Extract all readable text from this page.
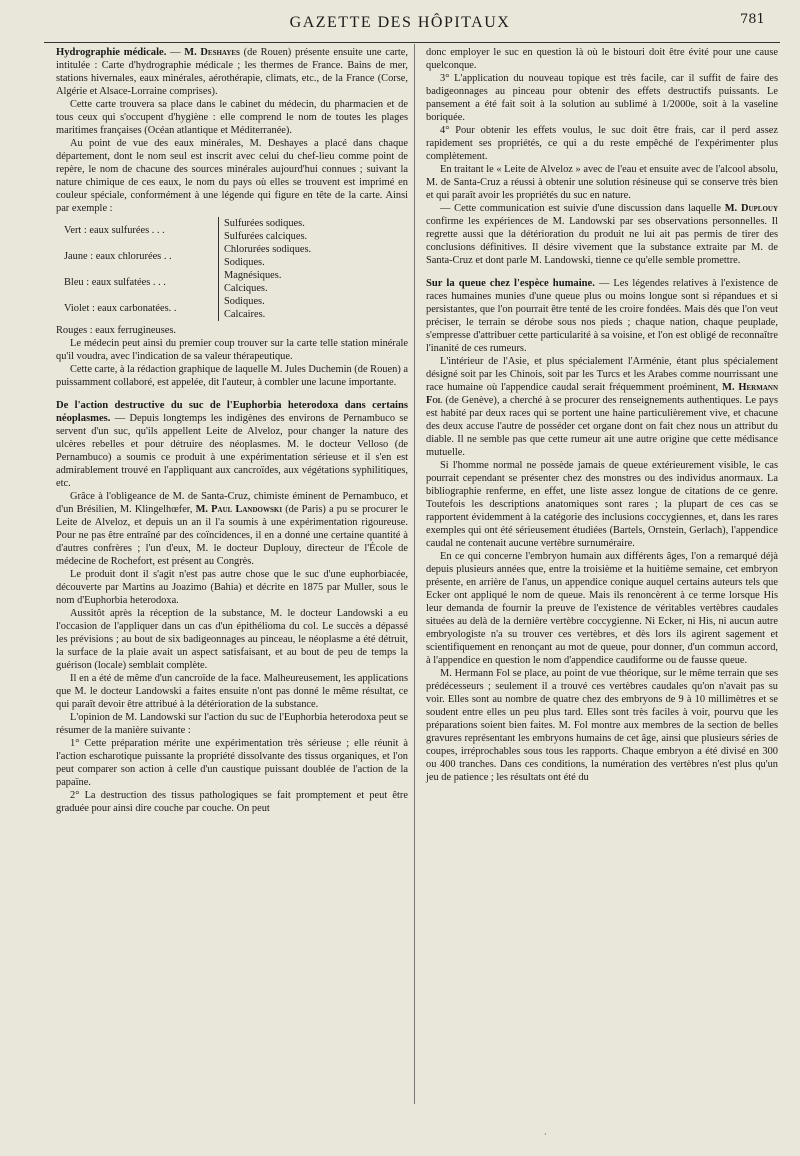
GAZETTE DES HÔPITAUX	781

Hydrographie médicale. — M. Deshayes (de Rouen) présente ensuite une carte, intitulée : Carte d'hydrographie médicale ; les thermes de France. Bains de mer, stations hivernales, eaux minérales, aérothérapie, climats, etc., de la France (Corse, Algérie et Alsace-Lorraine comprises).

Cette carte trouvera sa place dans le cabinet du médecin, du pharmacien et de tous ceux qui s'occupent d'hygiène : elle comprend le nom de toutes les plages maritimes françaises (Océan atlantique et Méditerranée).

Au point de vue des eaux minérales, M. Deshayes a placé dans chaque département, dont le nom seul est inscrit avec celui du chef-lieu comme point de repère, le nom de chacune des sources minérales aujourd'hui connues ; suivant la nature chimique de ces eaux, le nom du pays où elles se trouvent est imprimé en couleur spéciale, conformément à une légende qui figure en tête de la carte. Ainsi par exemple :

Vert : eaux sulfurées . . .
Sulfurées sodiques.
Sulfurées calciques.
Jaune : eaux chlorurées . .
Chlorurées sodiques.
Sodiques.
Bleu : eaux sulfatées . . .
Magnésiques.
Calciques.
Violet : eaux carbonatées. .
Sodiques.
Calcaires.

Rouges : eaux ferrugineuses.

Le médecin peut ainsi du premier coup trouver sur la carte telle station minérale qu'il voudra, avec l'indication de sa valeur thérapeutique.

Cette carte, à la rédaction graphique de laquelle M. Jules Duchemin (de Rouen) a puissamment collaboré, est appelée, dit l'auteur, à combler une lacune importante.

De l'action destructive du suc de l'Euphorbia heterodoxa dans certains néoplasmes. — Depuis longtemps les indigènes des environs de Pernambuco se servent d'un suc, qu'ils appellent Leite de Alveloz, pour changer la nature des ulcères rebelles et pour détruire des néoplasmes. M. le docteur Velloso (de Pernambuco) a soumis ce produit à une expérimentation sérieuse et il s'en est admirablement trouvé en l'appliquant aux cancroïdes, aux végétations syphilitiques, etc.

Grâce à l'obligeance de M. de Santa-Cruz, chimiste éminent de Pernambuco, et d'un Brésilien, M. Klingelhœfer, M. Paul Landowski (de Paris) a pu se procurer le Leite de Alveloz, et depuis un an il l'a soumis à une expérimentation rigoureuse. Pour ne pas être entraîné par des coïncidences, il en a donné une certaine quantité à d'autres confrères ; l'un d'eux, M. le docteur Duplouy, directeur de l'École de médecine de Rochefort, est présent au Congrès.

Le produit dont il s'agit n'est pas autre chose que le suc d'une euphorbiacée, découverte par Martins au Joazimo (Bahia) et décrite en 1875 par Muller, sous le nom d'Euphorbia heterodoxa.

Aussitôt après la réception de la substance, M. le docteur Landowski a eu l'occasion de l'appliquer dans un cas d'un épithélioma du col. Le succès a dépassé les prévisions ; au bout de six badigeonnages au pinceau, le néoplasme a été détruit, la surface de la plaie avait un aspect satisfaisant, et au bout de peu de temps la guérison (locale) semblait complète.

Il en a été de même d'un cancroïde de la face. Malheureusement, les applications que M. le docteur Landowski a faites ensuite n'ont pas donné le même résultat, ce qui paraît devoir être attribué à la détérioration de la substance.

L'opinion de M. Landowski sur l'action du suc de l'Euphorbia heterodoxa peut se résumer de la manière suivante :

1° Cette préparation mérite une expérimentation très sérieuse ; elle réunit à l'action escharotique puissante la propriété dissolvante des tissus organiques, et l'on peut comparer son action à celle d'un caustique puissant doublée de l'action de la papaïne.

2° La destruction des tissus pathologiques se fait promptement et peut être graduée pour ainsi dire couche par couche. On peut

donc employer le suc en question là où le bistouri doit être évité pour une cause quelconque.

3° L'application du nouveau topique est très facile, car il suffit de faire des badigeonnages au pinceau pour obtenir des effets destructifs puissants. Le pansement a été fait soit à la solution au sublimé à 1/2000e, soit à la vaseline boriquée.

4° Pour obtenir les effets voulus, le suc doit être frais, car il perd assez rapidement ses propriétés, ce qui a du reste empêché de l'expérimenter plus complètement.

En traitant le « Leite de Alveloz » avec de l'eau et ensuite avec de l'alcool absolu, M. de Santa-Cruz a réussi à obtenir une solution résineuse qui se conserve très bien et qui paraît avoir les propriétés du suc en nature.

— Cette communication est suivie d'une discussion dans laquelle M. Duplouy confirme les expériences de M. Landowski par ses observations personnelles. Il regrette aussi que la détérioration du produit ne lui ait pas permis de tirer des conclusions définitives. Il désire vivement que la substance extraite par M. de Santa-Cruz et dont parle M. Landowski, tienne ce qu'elle semble promettre.

Sur la queue chez l'espèce humaine. — Les légendes relatives à l'existence de races humaines munies d'une queue plus ou moins longue sont si répandues et si persistantes, que l'on pourrait être tenté de les croire fondées. Mais dès que l'on veut préciser, le terrain se dérobe sous nos pieds ; chaque nation, chaque peuplade, s'empresse d'attribuer cette particularité à sa voisine, et l'on est obligé de reconnaître l'inanité de ces rumeurs.

L'intérieur de l'Asie, et plus spécialement l'Arménie, étant plus spécialement désigné soit par les Chinois, soit par les Turcs et les Arabes comme nourrissant une race humaine où l'appendice caudal serait fréquemment proéminent, M. Hermann Fol (de Genève), a cherché à se procurer des renseignements authentiques. Le pays est habité par deux races qui se portent une haine particulièrement vive, et chacune des deux accuse l'autre de posséder cet organe dont on fait chez nous un attribut du diable. Il ne semble pas que cette rumeur ait une autre origine que cette médisance mutuelle.

Si l'homme normal ne possède jamais de queue extérieurement visible, le cas pourrait cependant se présenter chez des monstres ou des individus anormaux. La bibliographie renferme, en effet, une liste assez longue de citations de ce genre. Toutefois les descriptions anatomiques sont rares ; la plupart de ces cas se rapportent évidemment à la catégorie des inclusions coccygiennes, et, dans les rares exemples qui ont été sérieusement étudiées (Bartels, Ornstein, Gerlach), l'appendice caudal ne contenait aucune vertèbre surnuméraire.

En ce qui concerne l'embryon humain aux différents âges, l'on a remarqué déjà depuis plusieurs années que, entre la troisième et la huitième semaine, cet embryon présente, en arrière de l'anus, un appendice conique auquel certains auteurs tels que Ecker ont appliqué le nom de queue. Mais ils renoncèrent à ce terme lorsque His leur demanda de fournir la preuve de l'existence de véritables vertèbres caudales situées au delà de la dernière vertèbre coccygienne. Ni Ecker, ni His, ni aucun autre embryologiste n'a su trouver ces vertèbres, et dès lors ils agirent sagement et scientifiquement en renonçant au mot de queue, pour donner, d'un commun accord, à l'appendice en question le nom d'appendice caudiforme ou de fausse queue.

M. Hermann Fol se place, au point de vue théorique, sur le même terrain que ses prédécesseurs ; seulement il a trouvé ces vertèbres caudales qu'on n'avait pas su voir. Elles sont au nombre de quatre chez des embryons de 9 à 10 millimètres et se soudent entre elles un peu plus tard. Elles sont très faciles à voir, pourvu que les préparations soient bien faites. M. Fol montre aux membres de la section de belles gravures représentant les embryons humains de cet âge, ainsi que plusieurs séries de coupes, irréprochables sous tous les rapports. Chaque embryon a été divisé en 300 ou 400 tranches. Dans ces conditions, la numération des vertèbres n'est plus qu'un jeu de patience ; les résultats ont été du

·
